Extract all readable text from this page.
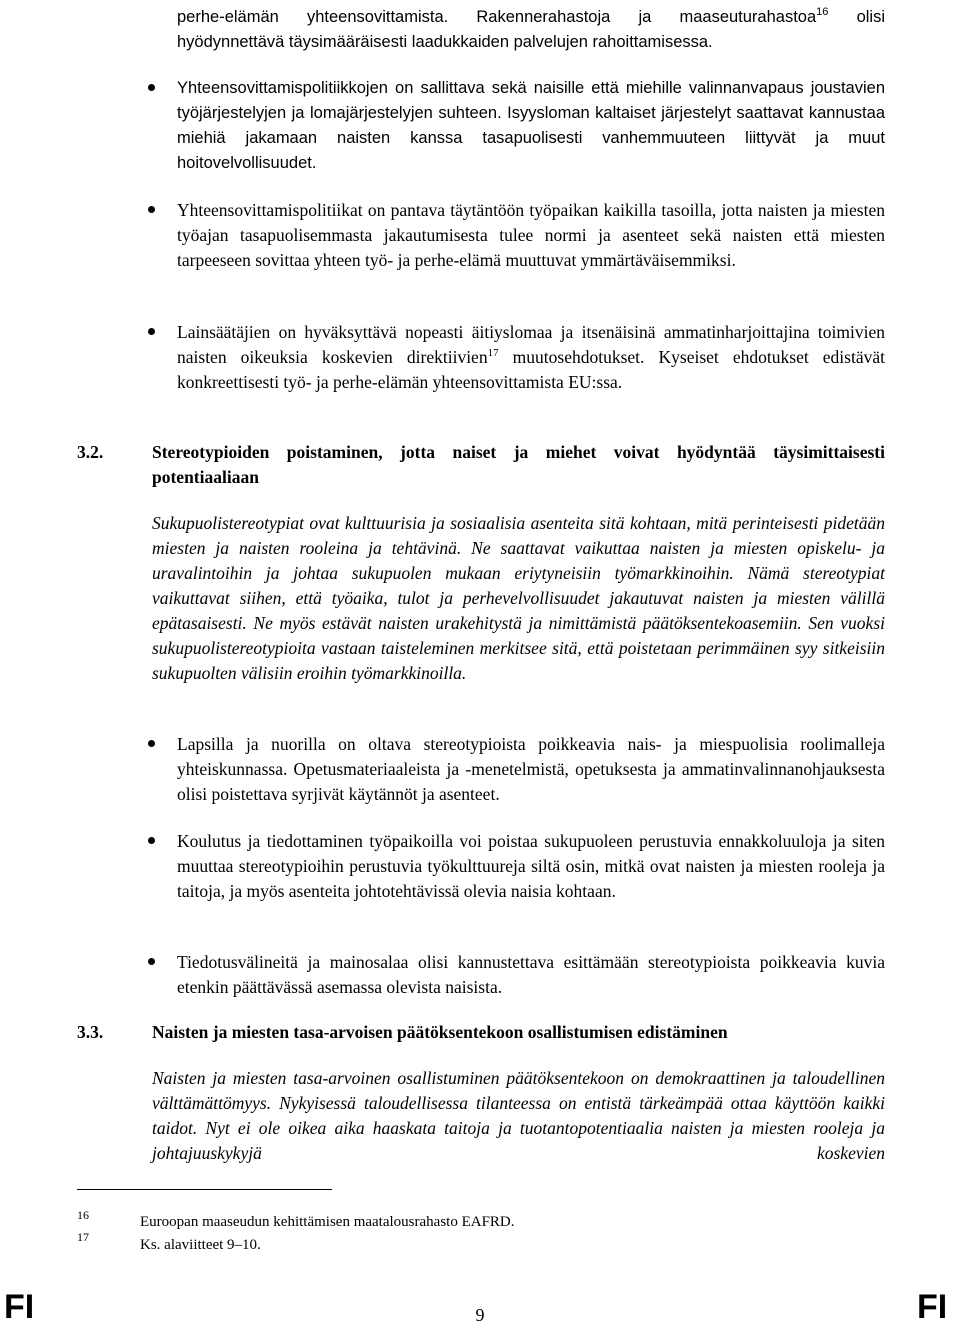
perhe-elämän yhteensovittamista. Rakennerahastoja ja maaseuturahastoa$^{16}$ olisi

hyödynnettävä täysimääräisesti laadukkaiden palvelujen rahoittamisessa.

Yhteensovittamispolitiikkojen on sallittava sekä naisille että miehille valinnanvapaus joustavien työjärjestelyjen ja lomajärjestelyjen suhteen. Isyysloman kaltaiset järjestelyt saattavat kannustaa miehiä jakamaan naisten kanssa tasapuolisesti vanhemmuuteen liittyvät ja muut hoitovelvollisuudet.

Yhteensovittamispolitiikat on pantava täytäntöön työpaikan kaikilla tasoilla, jotta naisten ja miesten työajan tasapuolisemmasta jakautumisesta tulee normi ja asenteet sekä naisten että miesten tarpeeseen sovittaa yhteen työ- ja perhe-elämä muuttuvat ymmärtäväisemmiksi.

Lainsäätäjien on hyväksyttävä nopeasti äitiyslomaa ja itsenäisinä ammatinharjoittajina toimivien naisten oikeuksia koskevien direktiivien$^{17}$ muutosehdotukset. Kyseiset ehdotukset edistävät konkreettisesti työ- ja perhe-elämän yhteensovittamista EU:ssa.

3.2.	Stereotypioiden poistaminen, jotta naiset ja miehet voivat hyödyntää täysimittaisesti potentiaaliaan

Sukupuolistereotypiat ovat kulttuurisia ja sosiaalisia asenteita sitä kohtaan, mitä perinteisesti pidetään miesten ja naisten rooleina ja tehtävinä. Ne saattavat vaikuttaa naisten ja miesten opiskelu- ja uravalintoihin ja johtaa sukupuolen mukaan eriytyneisiin työmarkkinoihin. Nämä stereotypiat vaikuttavat siihen, että työaika, tulot ja perhevelvollisuudet jakautuvat naisten ja miesten välillä epätasaisesti. Ne myös estävät naisten urakehitystä ja nimittämistä päätöksentekoasemiin. Sen vuoksi sukupuolistereotypioita vastaan taisteleminen merkitsee sitä, että poistetaan perimmäinen syy sitkeisiin sukupuolten välisiin eroihin työmarkkinoilla.

Lapsilla ja nuorilla on oltava stereotypioista poikkeavia nais- ja miespuolisia roolimalleja yhteiskunnassa. Opetusmateriaaleista ja -menetelmistä, opetuksesta ja ammatinvalinnanohjauksesta olisi poistettava syrjivät käytännöt ja asenteet.

Koulutus ja tiedottaminen työpaikoilla voi poistaa sukupuoleen perustuvia ennakkoluuloja ja siten muuttaa stereotypioihin perustuvia työkulttuureja siltä osin, mitkä ovat naisten ja miesten rooleja ja taitoja, ja myös asenteita johtotehtävissä olevia naisia kohtaan.

Tiedotusvälineitä ja mainosalaa olisi kannustettava esittämään stereotypioista poikkeavia kuvia etenkin päättävässä asemassa olevista naisista.

3.3.	Naisten ja miesten tasa-arvoisen päätöksentekoon osallistumisen edistäminen

Naisten ja miesten tasa-arvoinen osallistuminen päätöksentekoon on demokraattinen ja taloudellinen välttämättömyys. Nykyisessä taloudellisessa tilanteessa on entistä tärkeämpää ottaa käyttöön kaikki taidot. Nyt ei ole oikea aika haaskata taitoja ja tuotantopotentiaalia naisten ja miesten rooleja ja johtajuuskykyjä koskevien

16	Euroopan maaseudun kehittämisen maatalousrahasto EAFRD.
17	Ks. alaviitteet 9–10.
FI	9	FI
